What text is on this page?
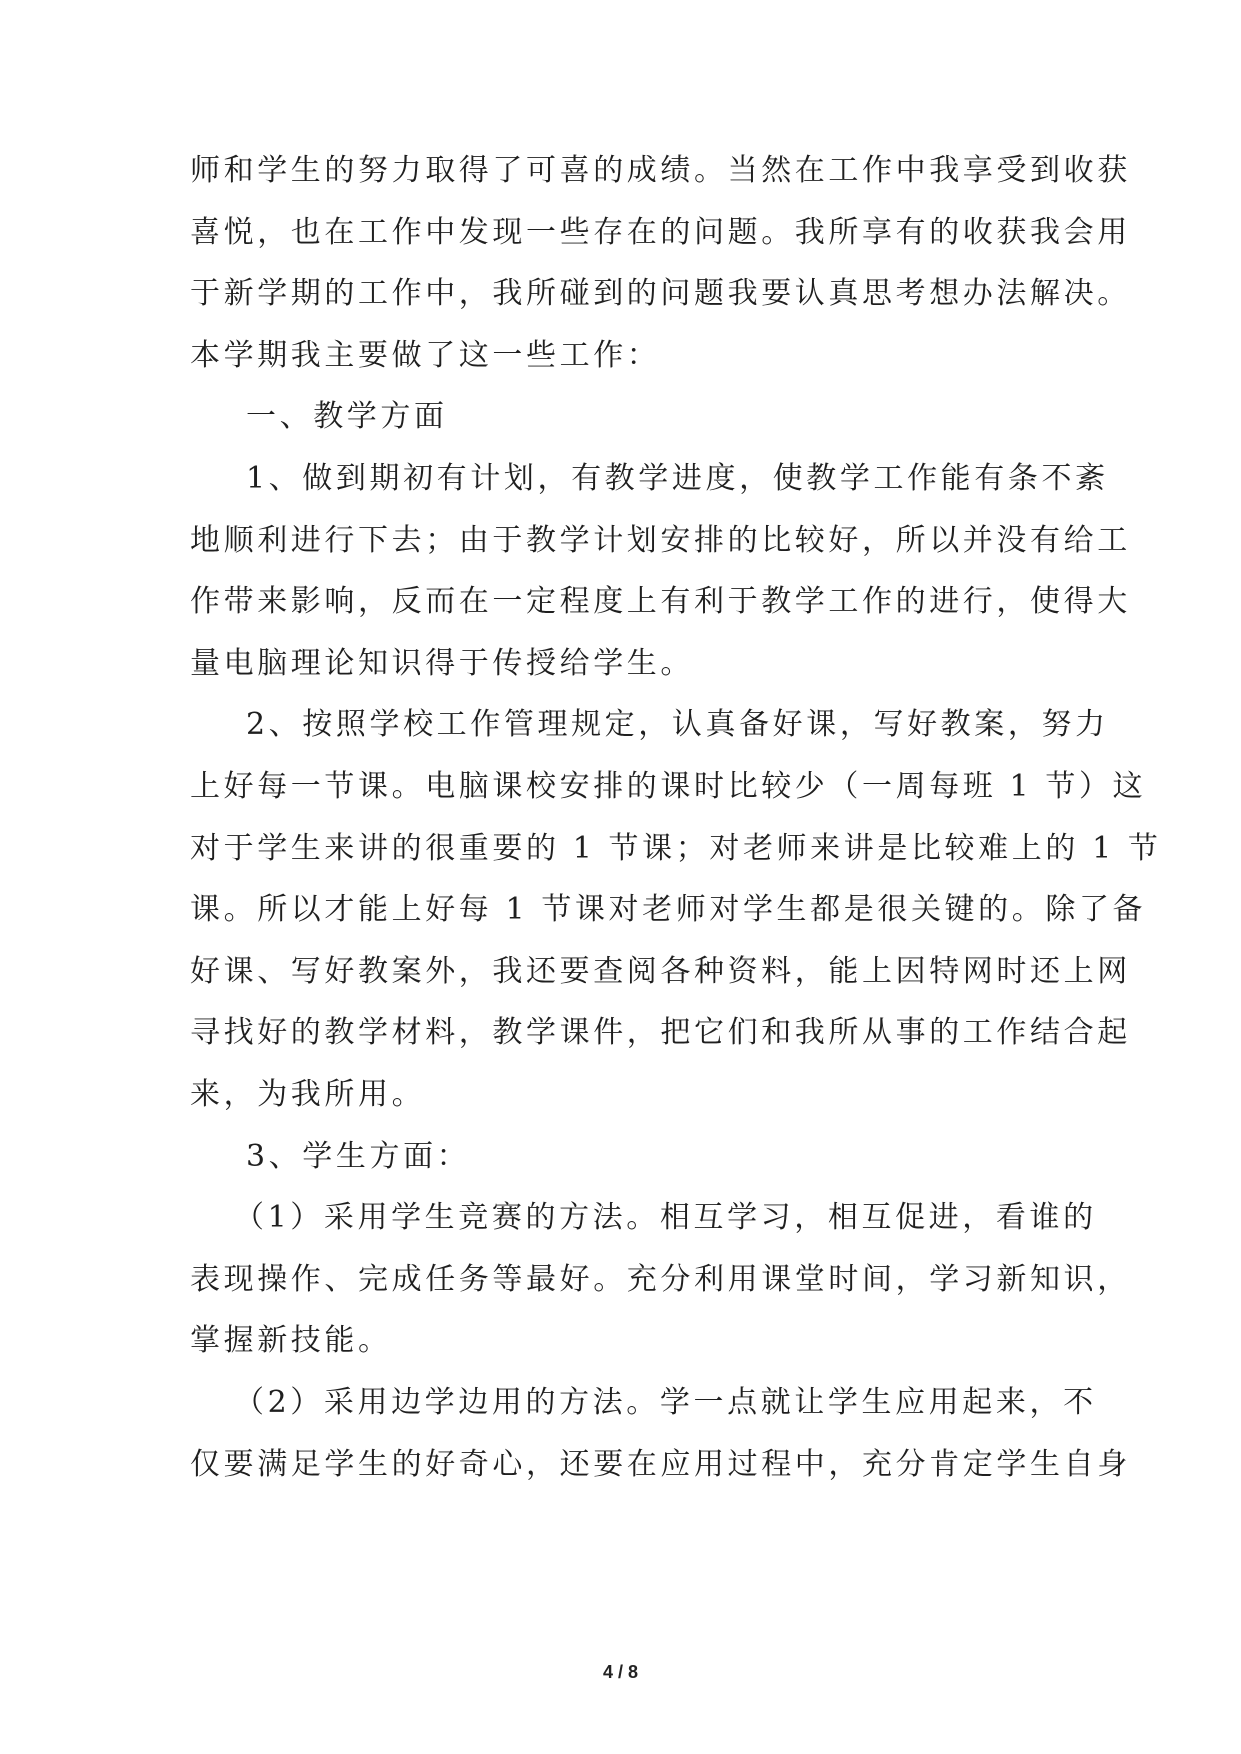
师和学生的努力取得了可喜的成绩。当然在工作中我享受到收获
喜悦，也在工作中发现一些存在的问题。我所享有的收获我会用
于新学期的工作中，我所碰到的问题我要认真思考想办法解决。
本学期我主要做了这一些工作：
一、教学方面
1、做到期初有计划，有教学进度，使教学工作能有条不紊
地顺利进行下去；由于教学计划安排的比较好，所以并没有给工
作带来影响，反而在一定程度上有利于教学工作的进行，使得大
量电脑理论知识得于传授给学生。
2、按照学校工作管理规定，认真备好课，写好教案，努力
上好每一节课。电脑课校安排的课时比较少（一周每班 1 节）这
对于学生来讲的很重要的 1 节课；对老师来讲是比较难上的 1 节
课。所以才能上好每 1 节课对老师对学生都是很关键的。除了备
好课、写好教案外，我还要查阅各种资料，能上因特网时还上网
寻找好的教学材料，教学课件，把它们和我所从事的工作结合起
来，为我所用。
3、学生方面：
（1）采用学生竞赛的方法。相互学习，相互促进，看谁的
表现操作、完成任务等最好。充分利用课堂时间，学习新知识，
掌握新技能。
（2）采用边学边用的方法。学一点就让学生应用起来，不
仅要满足学生的好奇心，还要在应用过程中，充分肯定学生自身
4 / 8
